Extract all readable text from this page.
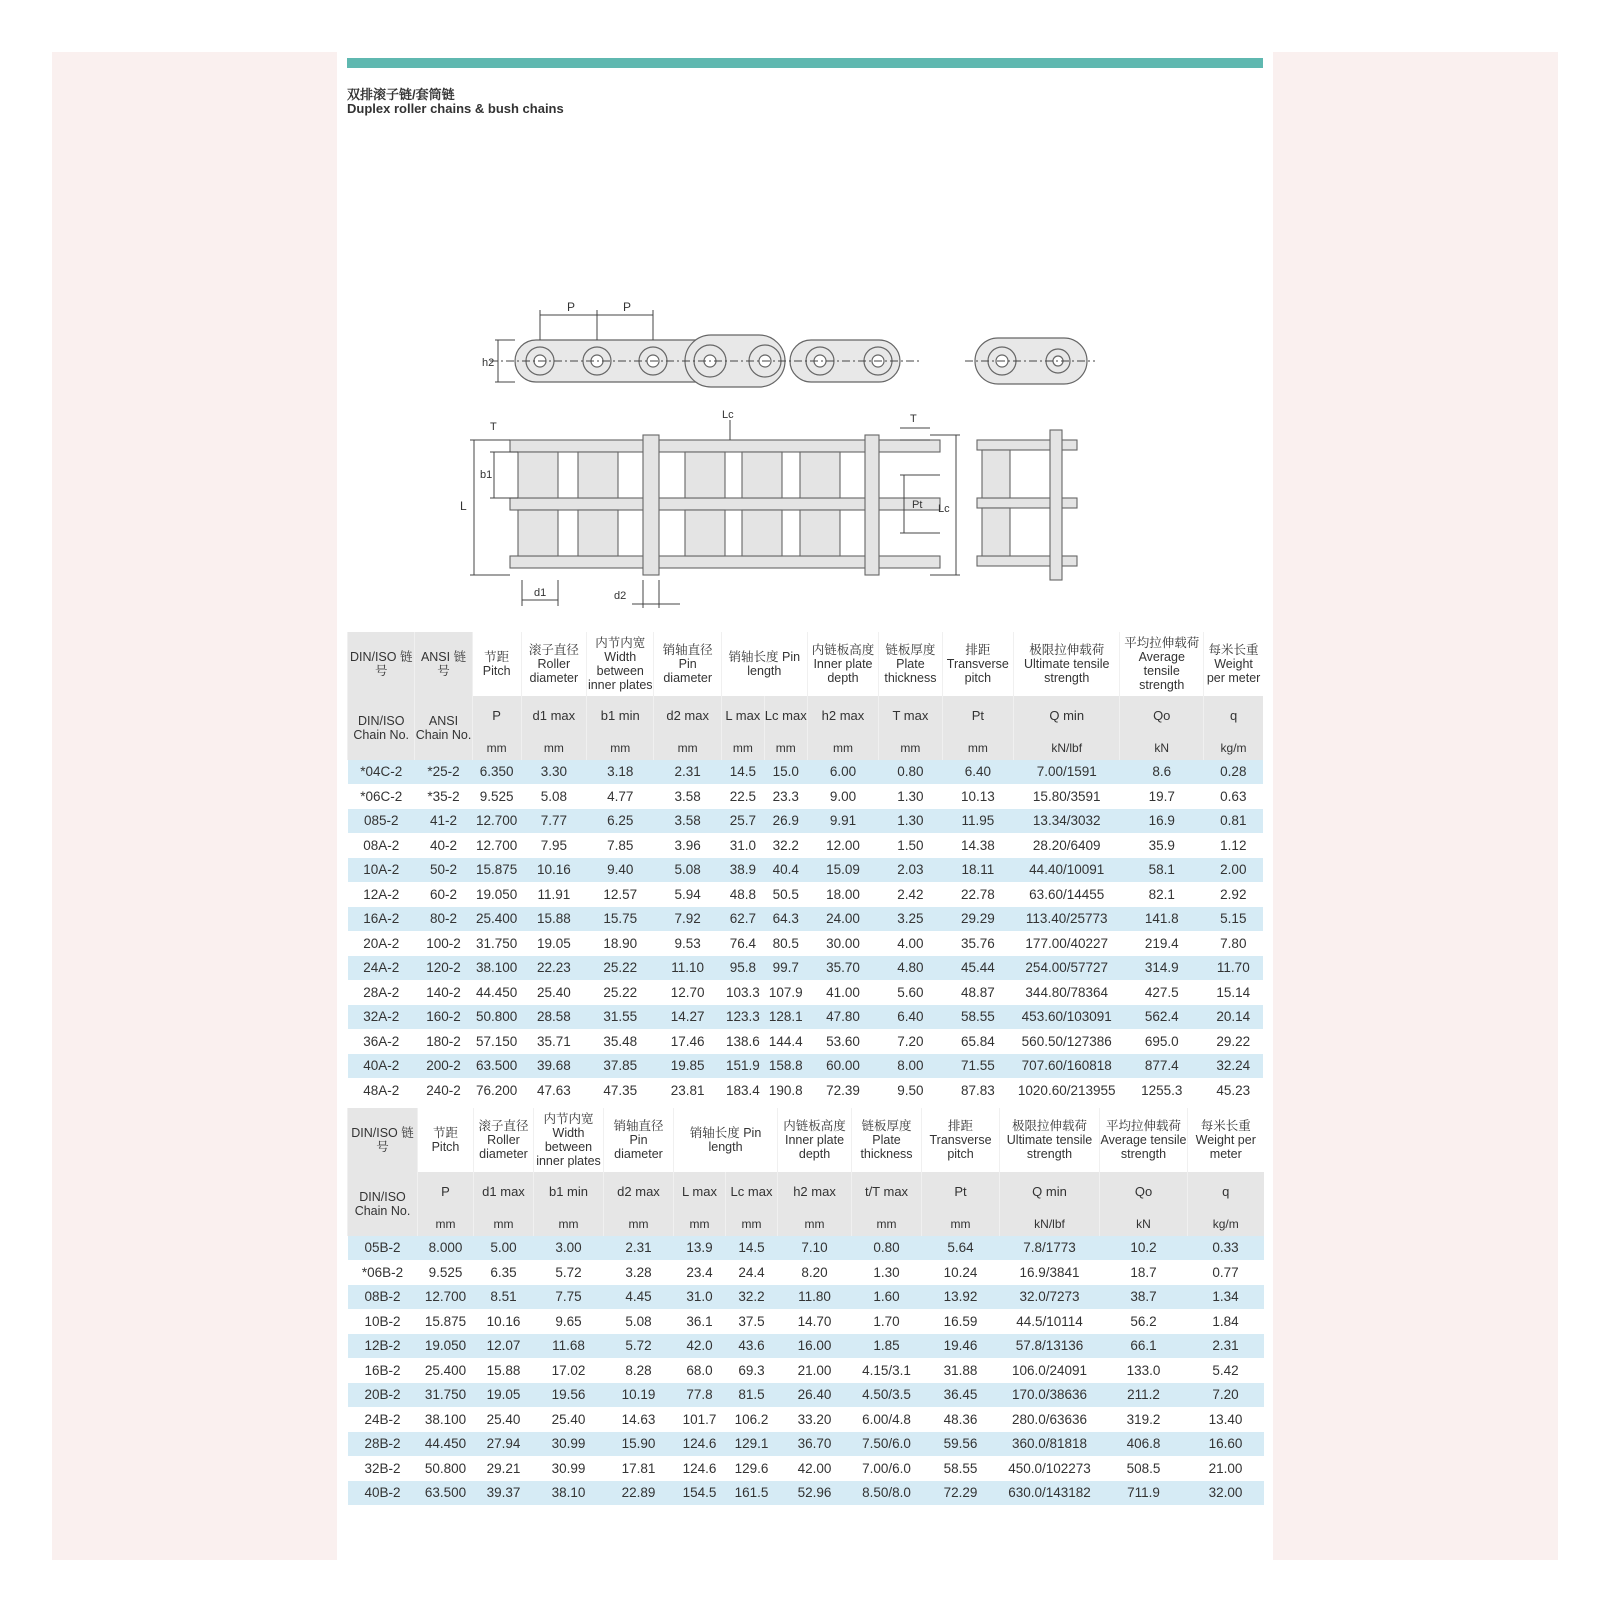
双排滚子链/套筒链
Duplex roller chains & bush chains
P	P
h2
T
Lc	T
b1
L	Pt Lc
d1	d2
DIN/ISO 链号	ANSI 链号	节距 Pitch	滚子直径 Roller diameter	内节内宽 Width between inner plates	销轴直径 Pin diameter	销轴长度 Pin length		内链板高度 Inner plate depth	链板厚度 Plate thickness	排距 Transverse pitch	极限拉伸载荷 Ultimate tensile strength	平均拉伸载荷 Average tensile strength	每米长重 Weight per meter
DIN/ISO Chain No.	ANSI Chain No.	P	d1 max	b1 min	d2 max	L max	Lc max	h2 max	T max	Pt	Q min	Qo	q
		mm	mm	mm	mm	mm	mm	mm	mm	mm	kN/lbf	kN	kg/m
*04C-2	*25-2	6.350	3.30	3.18	2.31	14.5	15.0	6.00	0.80	6.40	7.00/1591	8.6	0.28
*06C-2	*35-2	9.525	5.08	4.77	3.58	22.5	23.3	9.00	1.30	10.13	15.80/3591	19.7	0.63
085-2	41-2	12.700	7.77	6.25	3.58	25.7	26.9	9.91	1.30	11.95	13.34/3032	16.9	0.81
08A-2	40-2	12.700	7.95	7.85	3.96	31.0	32.2	12.00	1.50	14.38	28.20/6409	35.9	1.12
10A-2	50-2	15.875	10.16	9.40	5.08	38.9	40.4	15.09	2.03	18.11	44.40/10091	58.1	2.00
12A-2	60-2	19.050	11.91	12.57	5.94	48.8	50.5	18.00	2.42	22.78	63.60/14455	82.1	2.92
16A-2	80-2	25.400	15.88	15.75	7.92	62.7	64.3	24.00	3.25	29.29	113.40/25773	141.8	5.15
20A-2	100-2	31.750	19.05	18.90	9.53	76.4	80.5	30.00	4.00	35.76	177.00/40227	219.4	7.80
24A-2	120-2	38.100	22.23	25.22	11.10	95.8	99.7	35.70	4.80	45.44	254.00/57727	314.9	11.70
28A-2	140-2	44.450	25.40	25.22	12.70	103.3	107.9	41.00	5.60	48.87	344.80/78364	427.5	15.14
32A-2	160-2	50.800	28.58	31.55	14.27	123.3	128.1	47.80	6.40	58.55	453.60/103091	562.4	20.14
36A-2	180-2	57.150	35.71	35.48	17.46	138.6	144.4	53.60	7.20	65.84	560.50/127386	695.0	29.22
40A-2	200-2	63.500	39.68	37.85	19.85	151.9	158.8	60.00	8.00	71.55	707.60/160818	877.4	32.24
48A-2	240-2	76.200	47.63	47.35	23.81	183.4	190.8	72.39	9.50	87.83	1020.60/213955	1255.3	45.23
DIN/ISO 链号	节距 Pitch	滚子直径 Roller diameter	内节内宽 Width between inner plates	销轴直径 Pin diameter	销轴长度 Pin length		内链板高度 Inner plate depth	链板厚度 Plate thickness	排距 Transverse pitch	极限拉伸载荷 Ultimate tensile strength	平均拉伸载荷 Average tensile strength	每米长重 Weight per meter
DIN/ISO Chain No.	P	d1 max	b1 min	d2 max	L max	Lc max	h2 max	t/T max	Pt	Q min	Qo	q
	mm	mm	mm	mm	mm	mm	mm	mm	mm	kN/lbf	kN	kg/m
05B-2	8.000	5.00	3.00	2.31	13.9	14.5	7.10	0.80	5.64	7.8/1773	10.2	0.33
*06B-2	9.525	6.35	5.72	3.28	23.4	24.4	8.20	1.30	10.24	16.9/3841	18.7	0.77
08B-2	12.700	8.51	7.75	4.45	31.0	32.2	11.80	1.60	13.92	32.0/7273	38.7	1.34
10B-2	15.875	10.16	9.65	5.08	36.1	37.5	14.70	1.70	16.59	44.5/10114	56.2	1.84
12B-2	19.050	12.07	11.68	5.72	42.0	43.6	16.00	1.85	19.46	57.8/13136	66.1	2.31
16B-2	25.400	15.88	17.02	8.28	68.0	69.3	21.00	4.15/3.1	31.88	106.0/24091	133.0	5.42
20B-2	31.750	19.05	19.56	10.19	77.8	81.5	26.40	4.50/3.5	36.45	170.0/38636	211.2	7.20
24B-2	38.100	25.40	25.40	14.63	101.7	106.2	33.20	6.00/4.8	48.36	280.0/63636	319.2	13.40
28B-2	44.450	27.94	30.99	15.90	124.6	129.1	36.70	7.50/6.0	59.56	360.0/81818	406.8	16.60
32B-2	50.800	29.21	30.99	17.81	124.6	129.6	42.00	7.00/6.0	58.55	450.0/102273	508.5	21.00
40B-2	63.500	39.37	38.10	22.89	154.5	161.5	52.96	8.50/8.0	72.29	630.0/143182	711.9	32.00
